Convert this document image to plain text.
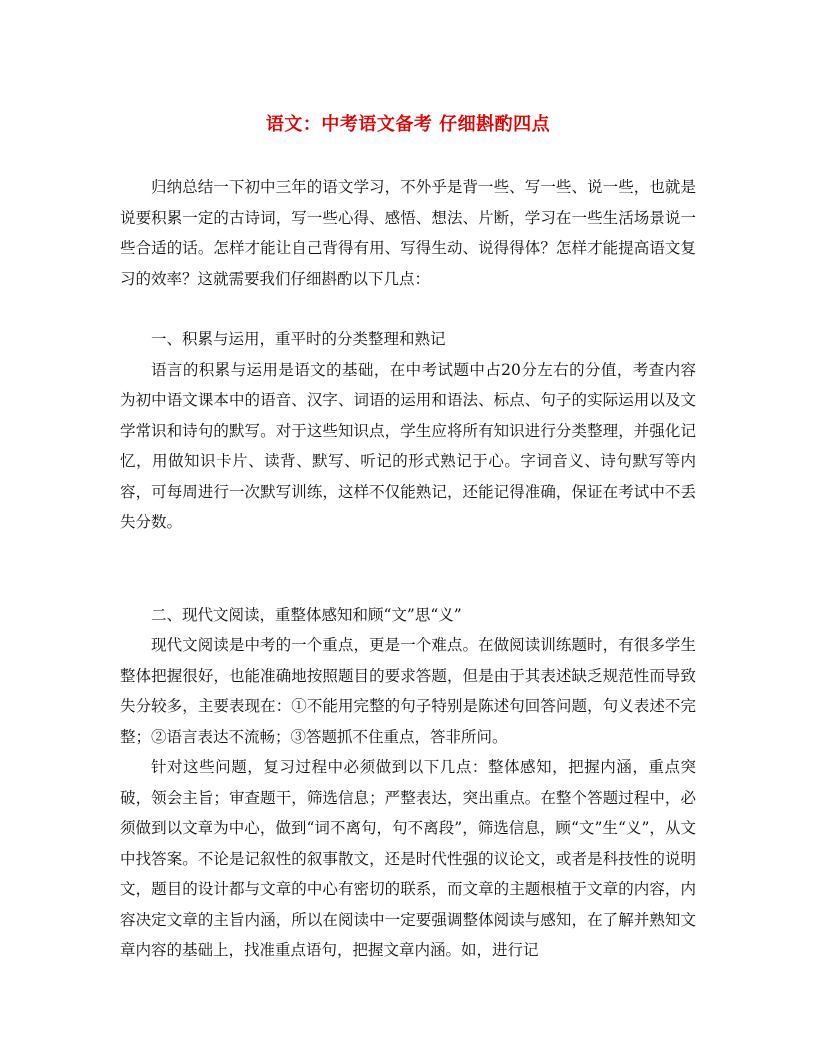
语文：中考语文备考 仔细斟酌四点

归纳总结一下初中三年的语文学习，不外乎是背一些、写一些、说一些，也就是说要积累一定的古诗词，写一些心得、感悟、想法、片断，学习在一些生活场景说一些合适的话。怎样才能让自己背得有用、写得生动、说得得体？怎样才能提高语文复习的效率？这就需要我们仔细斟酌以下几点：

一、积累与运用，重平时的分类整理和熟记

语言的积累与运用是语文的基础，在中考试题中占20分左右的分值，考查内容为初中语文课本中的语音、汉字、词语的运用和语法、标点、句子的实际运用以及文学常识和诗句的默写。对于这些知识点，学生应将所有知识进行分类整理，并强化记忆，用做知识卡片、读背、默写、听记的形式熟记于心。字词音义、诗句默写等内容，可每周进行一次默写训练，这样不仅能熟记，还能记得准确，保证在考试中不丢失分数。

二、现代文阅读，重整体感知和顾“文”思“义”

现代文阅读是中考的一个重点，更是一个难点。在做阅读训练题时，有很多学生整体把握很好，也能准确地按照题目的要求答题，但是由于其表述缺乏规范性而导致失分较多，主要表现在：①不能用完整的句子特别是陈述句回答问题，句义表述不完整；②语言表达不流畅；③答题抓不住重点，答非所问。

针对这些问题，复习过程中必须做到以下几点：整体感知，把握内涵，重点突破，领会主旨；审查题干，筛选信息；严整表达，突出重点。在整个答题过程中，必须做到以文章为中心，做到“词不离句，句不离段”，筛选信息，顾“文”生“义”，从文中找答案。不论是记叙性的叙事散文，还是时代性强的议论文，或者是科技性的说明文，题目的设计都与文章的中心有密切的联系，而文章的主题根植于文章的内容，内容决定文章的主旨内涵，所以在阅读中一定要强调整体阅读与感知，在了解并熟知文章内容的基础上，找准重点语句，把握文章内涵。如，进行记
